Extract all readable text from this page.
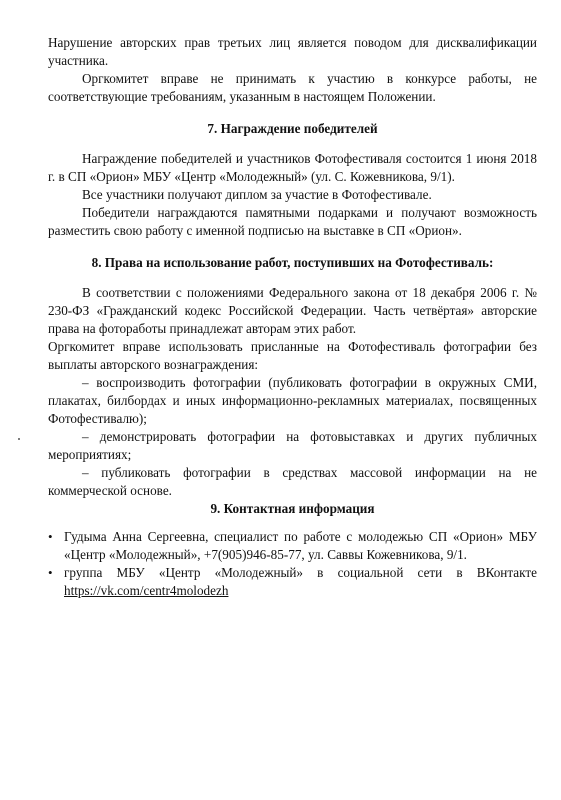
Нарушение авторских прав третьих лиц является поводом для дисквалификации участника.

Оргкомитет вправе не принимать к участию в конкурсе работы, не соответствующие требованиям, указанным в настоящем Положении.

7. Награждение победителей

Награждение победителей и участников Фотофестиваля состоится 1 июня 2018 г. в СП «Орион» МБУ «Центр «Молодежный» (ул. С. Кожевникова, 9/1).

Все участники получают диплом за участие в Фотофестивале.

Победители награждаются памятными подарками и получают возможность разместить свою работу с именной подписью на выставке в СП «Орион».

8. Права на использование работ, поступивших на Фотофестиваль:

В соответствии с положениями Федерального закона от 18 декабря 2006 г. № 230-ФЗ «Гражданский кодекс Российской Федерации. Часть четвёртая» авторские права на фотоработы принадлежат авторам этих работ.

Оргкомитет вправе использовать присланные на Фотофестиваль фотографии без выплаты авторского вознаграждения:

– воспроизводить фотографии (публиковать фотографии в окружных СМИ, плакатах, билбордах и иных информационно-рекламных материалах, посвященных Фотофестивалю);

– демонстрировать фотографии на фотовыставках и других публичных мероприятиях;

– публиковать фотографии в средствах массовой информации на не коммерческой основе.

9. Контактная информация
• Гудыма Анна Сергеевна, специалист по работе с молодежью СП «Орион» МБУ «Центр «Молодежный», +7(905)946-85-77, ул. Саввы Кожевникова, 9/1.
• группа МБУ «Центр «Молодежный» в социальной сети в ВКонтакте https://vk.com/centr4molodezh
